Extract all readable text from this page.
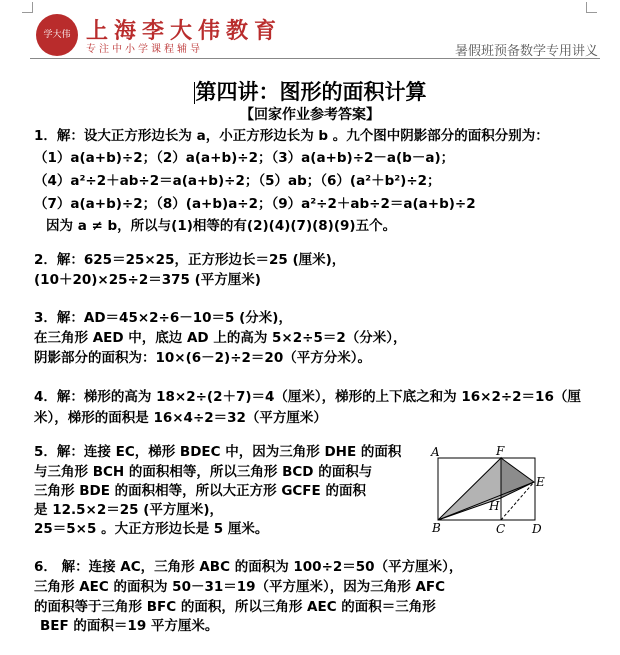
学大伟 上海李大伟教育
专注中小学课程辅导	暑假班预备数学专用讲义
第四讲：图形的面积计算
【回家作业参考答案】
1．解：设大正方形边长为 a，小正方形边长为 b 。九个图中阴影部分的面积分别为：
（1）a(a+b)÷2；（2）a(a+b)÷2；（3）a(a+b)÷2－a(b－a)；
（4）a²÷2＋ab÷2＝a(a+b)÷2；（5）ab；（6）(a²＋b²)÷2；
（7）a(a+b)÷2；（8）(a+b)a÷2；（9）a²÷2＋ab÷2＝a(a+b)÷2
因为 a ≠ b，所以与(1)相等的有(2)(4)(7)(8)(9)五个。
2．解：625＝25×25，正方形边长＝25 (厘米)，
(10＋20)×25÷2＝375 (平方厘米)
3．解：AD＝45×2÷6－10＝5 (分米)，
在三角形 AED 中，底边 AD 上的高为 5×2÷5＝2（分米），
阴影部分的面积为：10×(6－2)÷2＝20（平方分米）。
4．解：梯形的高为 18×2÷(2＋7)＝4（厘米），梯形的上下底之和为 16×2÷2＝16（厘
米），梯形的面积是 16×4÷2＝32（平方厘米）
5．解：连接 EC，梯形 BDEC 中，因为三角形 DHE 的面积
与三角形 BCH 的面积相等，所以三角形 BCD 的面积与
三角形 BDE 的面积相等，所以大正方形 GCFE 的面积
是 12.5×2＝25 (平方厘米)，
25＝5×5 。大正方形边长是 5 厘米。
6． 解：连接 AC，三角形 ABC 的面积为 100÷2＝50（平方厘米），
三角形 AEC 的面积为 50－31＝19（平方厘米），因为三角形 AFC
的面积等于三角形 BFC 的面积，所以三角形 AEC 的面积＝三角形
BEF 的面积＝19 平方厘米。
A	F
E
H
B	C D
